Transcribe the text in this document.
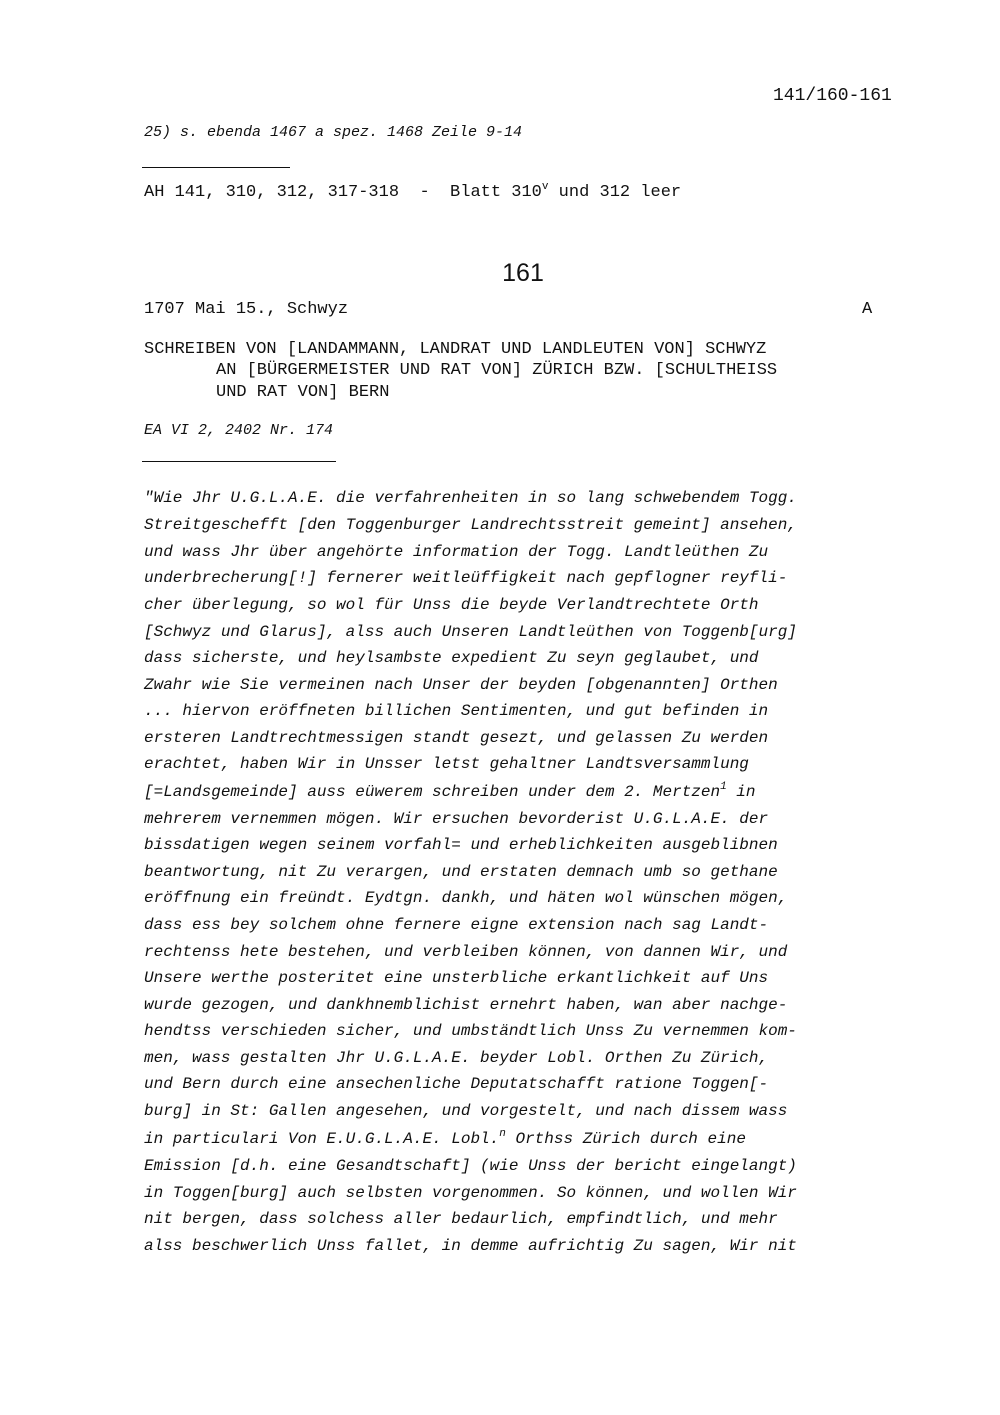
141/160-161
25) s. ebenda 1467 a spez. 1468 Zeile 9-14
AH 141, 310, 312, 317-318  -  Blatt 310$^v$ und 312 leer
161
1707 Mai 15., Schwyz	A
SCHREIBEN VON [LANDAMMANN, LANDRAT UND LANDLEUTEN VON] SCHWYZ
AN [BÜRGERMEISTER UND RAT VON] ZÜRICH BZW. [SCHULTHEISS
UND RAT VON] BERN
EA VI 2, 2402 Nr. 174
"Wie Jhr U.G.L.A.E. die verfahrenheiten in so lang schwebendem Togg.
Streitgeschefft [den Toggenburger Landrechtsstreit gemeint] ansehen,
und wass Jhr über angehörte information der Togg. Landtleüthen Zu
underbrecherung[!] fernerer weitleüffigkeit nach gepflogner reyfli-
cher überlegung, so wol für Unss die beyde Verlandtrechtete Orth
[Schwyz und Glarus], alss auch Unseren Landtleüthen von Toggenb[urg]
dass sicherste, und heylsambste expedient Zu seyn geglaubet, und
Zwahr wie Sie vermeinen nach Unser der beyden [obgenannten] Orthen
... hiervon eröffneten billichen Sentimenten, und gut befinden in
ersteren Landtrechtmessigen standt gesezt, und gelassen Zu werden
erachtet, haben Wir in Unsser letst gehaltner Landtsversammlung
[=Landsgemeinde] auss eüwerem schreiben under dem 2. Mertzen$^1$ in
mehrerem vernemmen mögen. Wir ersuchen bevorderist U.G.L.A.E. der
bissdatigen wegen seinem vorfahl= und erheblichkeiten ausgeblibnen
beantwortung, nit Zu verargen, und erstaten demnach umb so gethane
eröffnung ein freündt. Eydtgn. dankh, und häten wol wünschen mögen,
dass ess bey solchem ohne fernere eigne extension nach sag Landt-
rechtenss hete bestehen, und verbleiben können, von dannen Wir, und
Unsere werthe posteritet eine unsterbliche erkantlichkeit auf Uns
wurde gezogen, und dankhnemblichist ernehrt haben, wan aber nachge-
hendtss verschieden sicher, und umbständtlich Unss Zu vernemmen kom-
men, wass gestalten Jhr U.G.L.A.E. beyder Lobl. Orthen Zu Zürich,
und Bern durch eine ansechenliche Deputatschafft ratione Toggen[-
burg] in St: Gallen angesehen, und vorgestelt, und nach dissem wass
in particulari Von E.U.G.L.A.E. Lobl.$^n$ Orthss Zürich durch eine
Emission [d.h. eine Gesandtschaft] (wie Unss der bericht eingelangt)
in Toggen[burg] auch selbsten vorgenommen. So können, und wollen Wir
nit bergen, dass solchess aller bedaurlich, empfindtlich, und mehr
alss beschwerlich Unss fallet, in demme aufrichtig Zu sagen, Wir nit
